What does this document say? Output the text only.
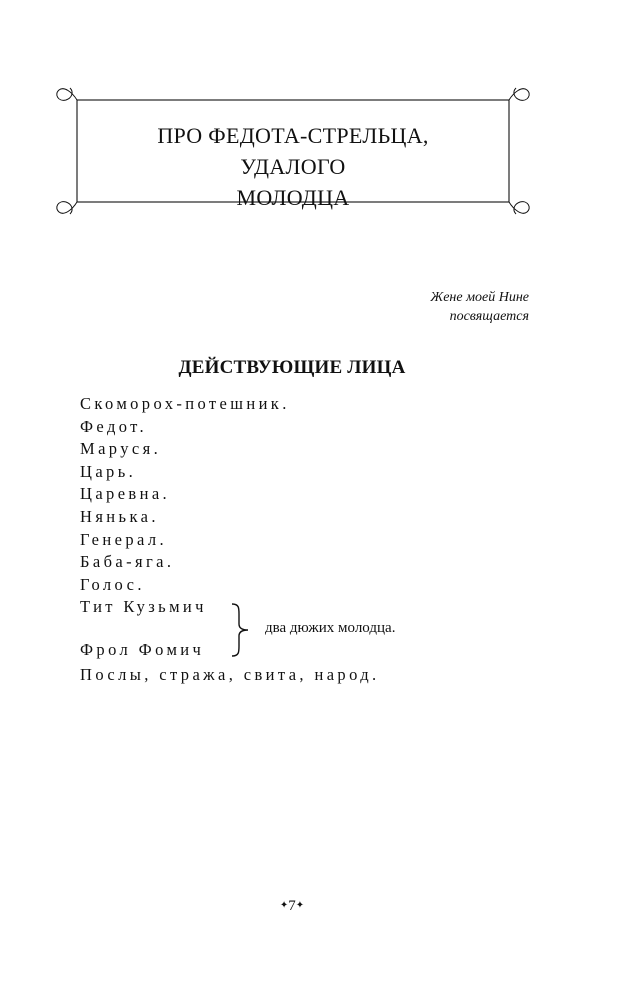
ПРО ФЕДОТА-СТРЕЛЬЦА, УДАЛОГО
МОЛОДЦА
Жене моей Нине
посвящается
ДЕЙСТВУЮЩИЕ ЛИЦА
Скоморох-потешник.
Федот.
Маруся.
Царь.
Царевна.
Нянька.
Генерал.
Баба-яга.
Голос.
Тит Кузьмич
два дюжих молодца.
Фрол Фомич
Послы, стража, свита, народ.
✦7✦
